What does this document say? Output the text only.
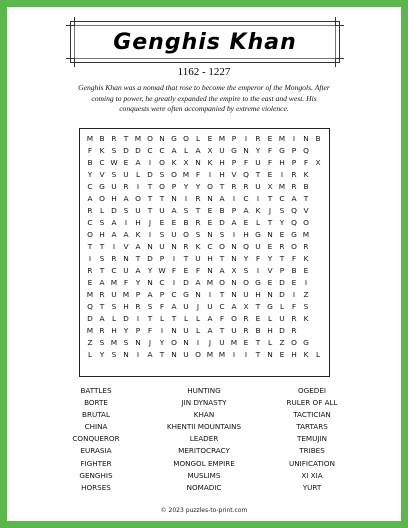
Genghis Khan
1162 - 1227
Genghis Khan was a nomad that rose to become the emperor of the Mongols. After coming to power, he greatly expanded the empire to the east and west. His conquests were often accompanied by extreme violence.
M B R T M O N G O L	E M P	I	R E M	I	N B
F	K S D D C C A	L	A X U G N Y	F G P Q
B C W E A	I	O K X N K H P	F U F H P	F X
Y V S U L D S O M F	I	H V Q T	E	I	R K
C G U R	I	T O P	Y	Y O T R R U X M R B
A O H A O T	T N	I	R N A	I	C	I	T C A T
R L D S U T U A S T	E B P A K	J	S Q V
C S A	I	H	J	E E B R E D A E	L	T	Y Q O
O H A A K	I	S U O S N S	I	H G N E G M
T	T	I	V A N U N R K C O N Q U E R O R
I	S R N T D P	I	T U H T N Y	F	Y	T	F	K
R T C U A Y W F	E	F N A X S	I	V P B E
E A M F	Y N C	I	D A M O N O G E D E	I
M R U M P A P C G N	I	T N U H N D	I	Z
Q T S H R S	F A U	J	U C A X T G L	F	S
D A	L D	I	T	L	T	L	L	A F O R E	L U R K
M R H Y	P	F	I	N U L	A T U R B H D R
Z S M S N	J	Y O N	I	J	U M E	T	L Z O G
L	Y S N	I	A T N U O M M	I	I	T N E H K	L
BATTLES	HUNTING	OGEDEI
BORTE	JIN DYNASTY	RULER OF ALL
BRUTAL	KHAN	TACTICIAN
CHINA	KHENTII MOUNTAINS	TARTARS
CONQUEROR	LEADER	TEMUJIN
EURASIA	MERITOCRACY	TRIBES
FIGHTER	MONGOL EMPIRE	UNIFICATION
GENGHIS	MUSLIMS	XI XIA
HORSES	NOMADIC	YURT
© 2023 puzzles-to-print.com
